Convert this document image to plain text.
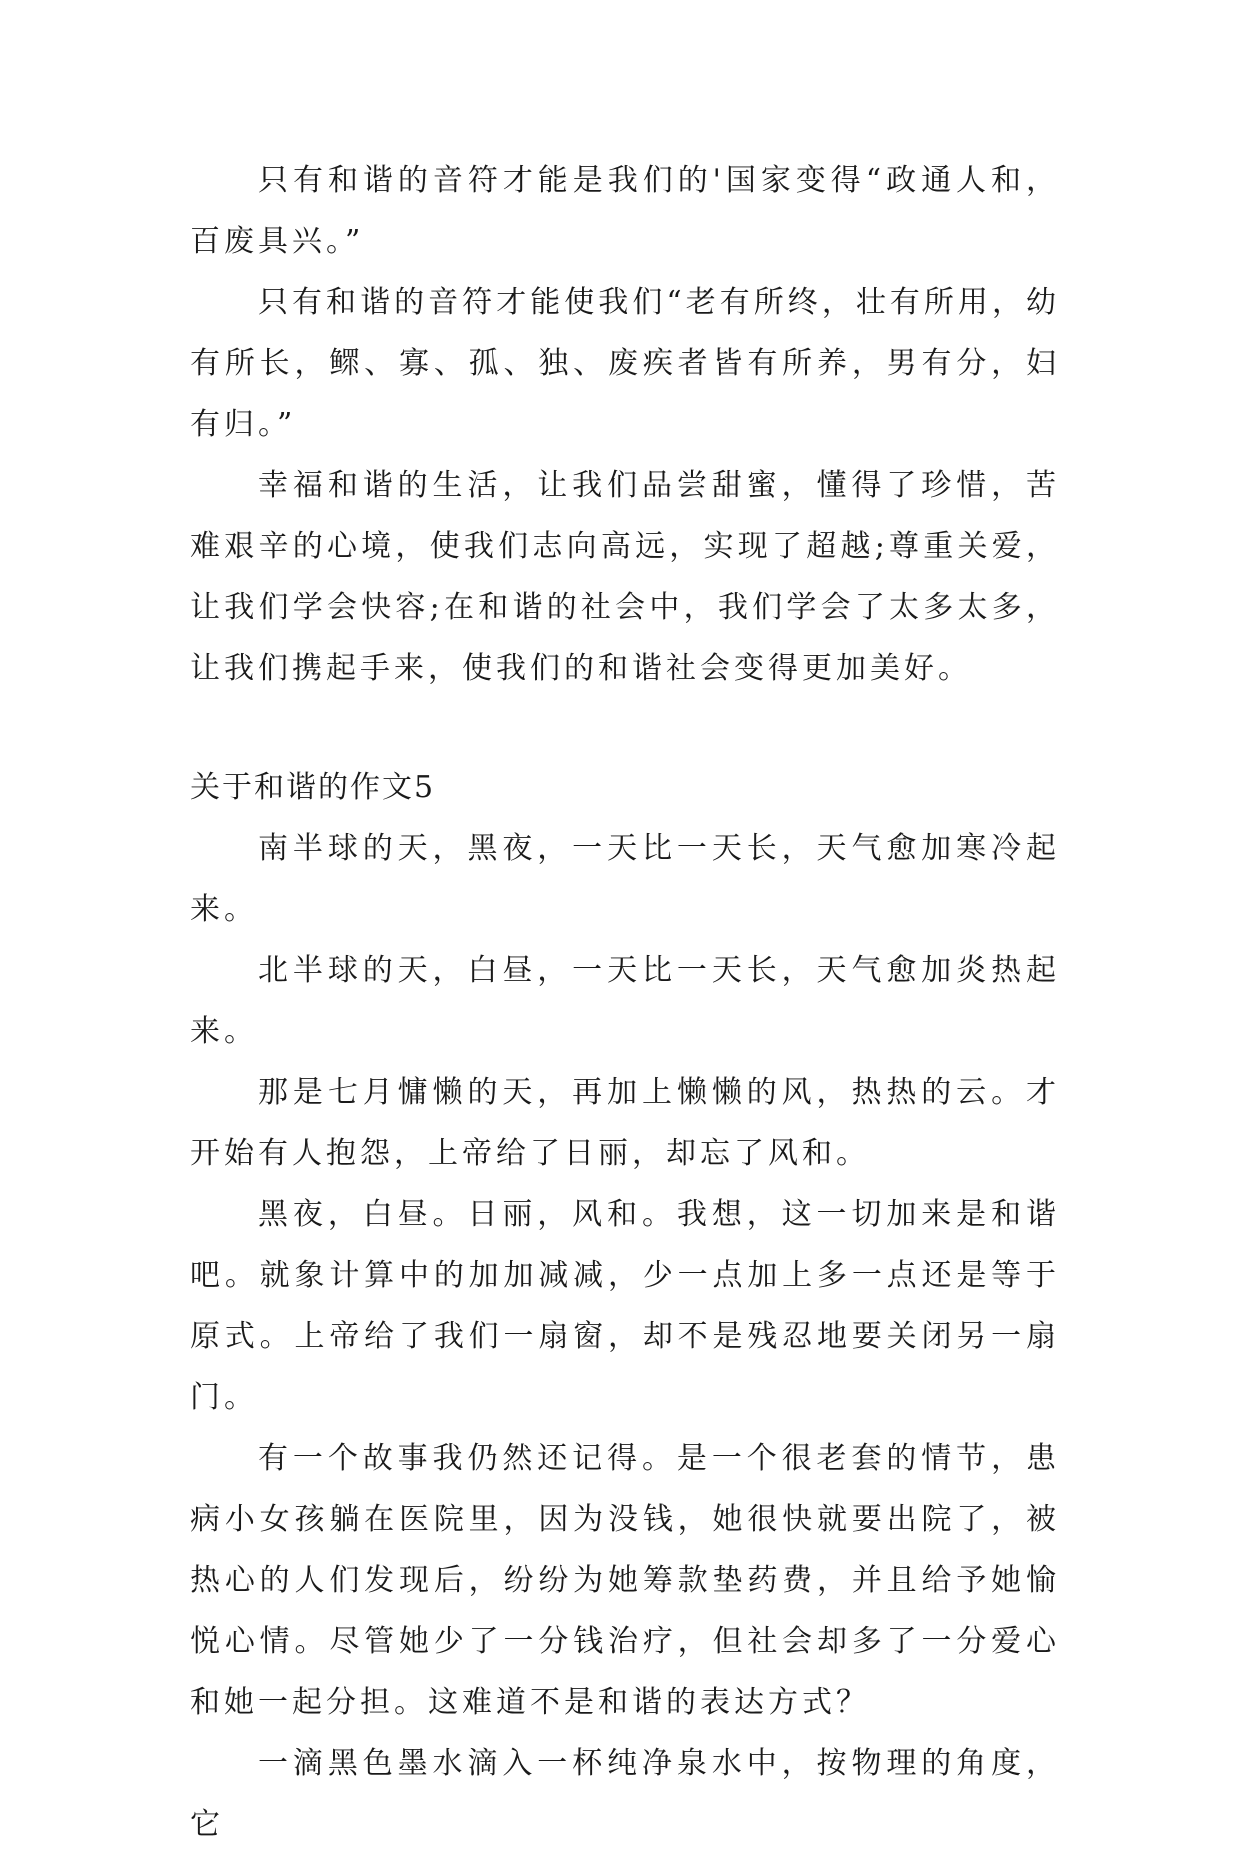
只有和谐的音符才能是我们的'国家变得“政通人和，百废具兴。”

只有和谐的音符才能使我们“老有所终，壮有所用，幼有所长，鳏、寡、孤、独、废疾者皆有所养，男有分，妇有归。”

幸福和谐的生活，让我们品尝甜蜜，懂得了珍惜，苦难艰辛的心境，使我们志向高远，实现了超越;尊重关爱，让我们学会快容;在和谐的社会中，我们学会了太多太多，让我们携起手来，使我们的和谐社会变得更加美好。

关于和谐的作文5

南半球的天，黑夜，一天比一天长，天气愈加寒冷起来。

北半球的天，白昼，一天比一天长，天气愈加炎热起来。

那是七月慵懒的天，再加上懒懒的风，热热的云。才开始有人抱怨，上帝给了日丽，却忘了风和。

黑夜，白昼。日丽，风和。我想，这一切加来是和谐吧。就象计算中的加加减减，少一点加上多一点还是等于原式。上帝给了我们一扇窗，却不是残忍地要关闭另一扇门。

有一个故事我仍然还记得。是一个很老套的情节，患病小女孩躺在医院里，因为没钱，她很快就要出院了，被热心的人们发现后，纷纷为她筹款垫药费，并且给予她愉悦心情。尽管她少了一分钱治疗，但社会却多了一分爱心和她一起分担。这难道不是和谐的表达方式？

一滴黑色墨水滴入一杯纯净泉水中，按物理的角度，它
